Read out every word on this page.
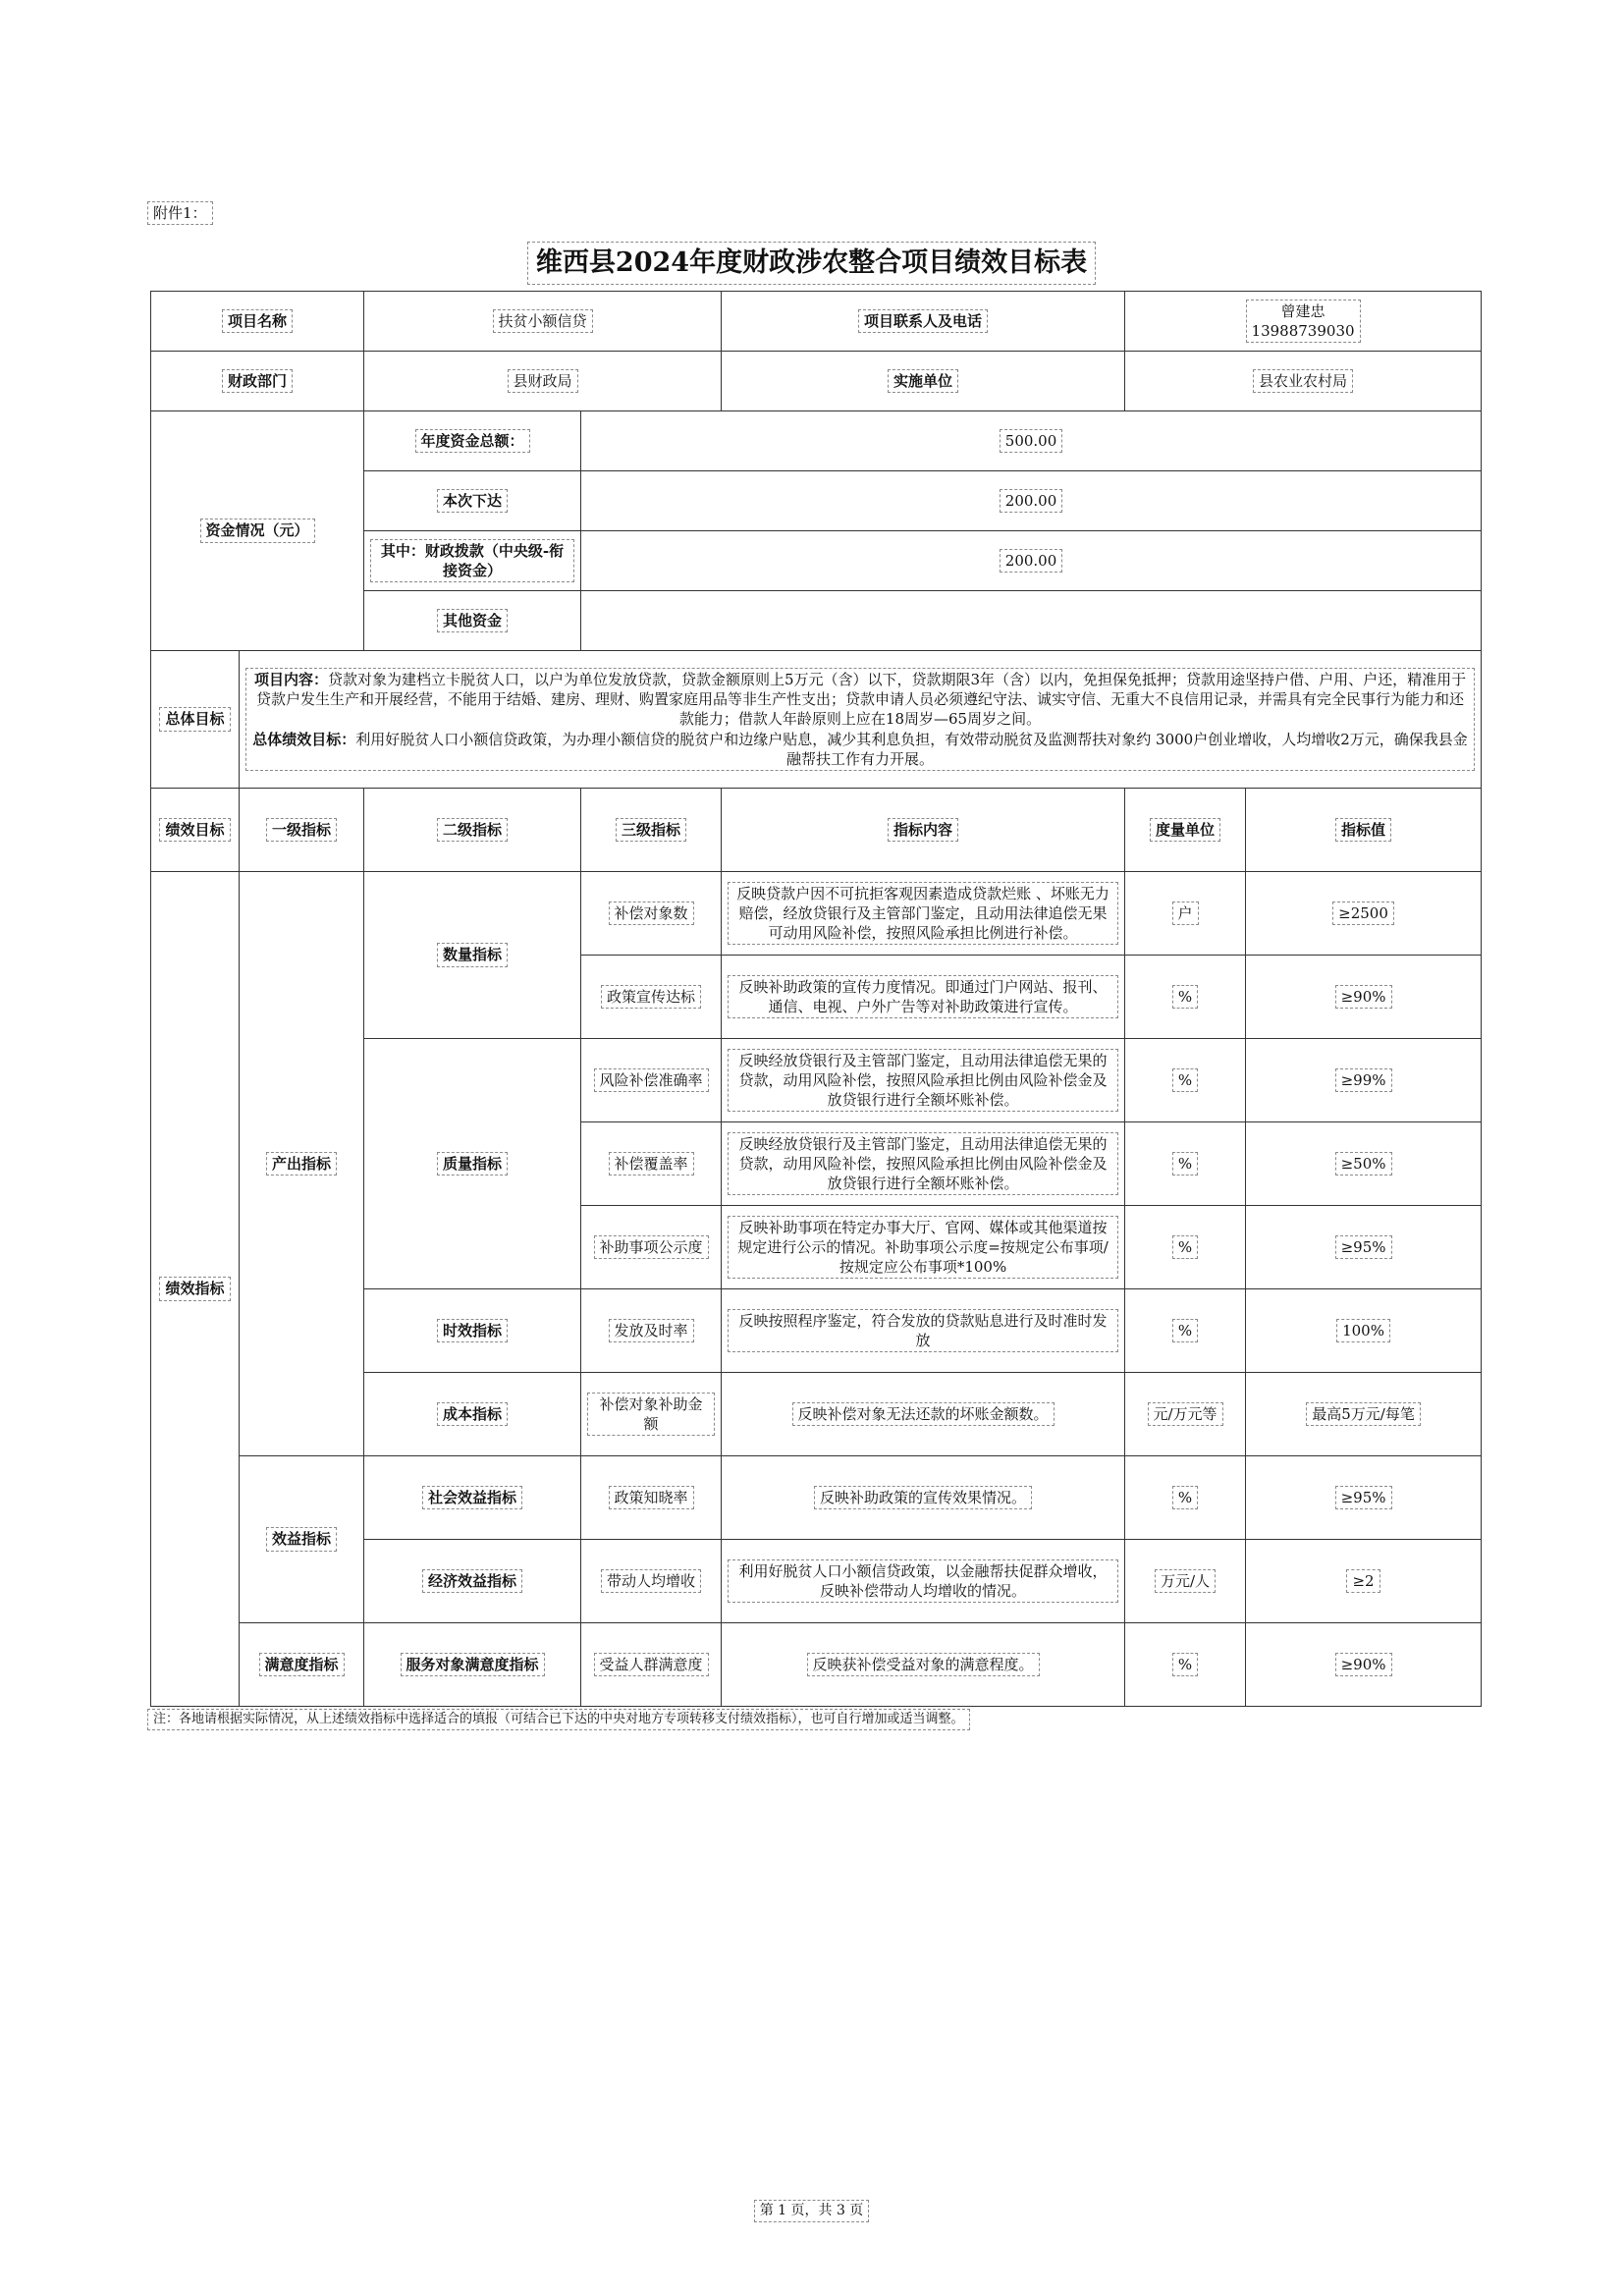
附件1：
维西县2024年度财政涉农整合项目绩效目标表
项目名称		扶贫小额信贷		项目联系人及电话	曾建忠
13988739030	
财政部门		县财政局		实施单位	县农业农村局	
资金情况（元）		年度资金总额：	500.00			
		本次下达	200.00			
		其中：财政拨款（中央级-衔接资金）	200.00			
		其他资金				
总体目标	项目内容：贷款对象为建档立卡脱贫人口，以户为单位发放贷款，贷款金额原则上5万元（含）以下，贷款期限3年（含）以内，免担保免抵押；贷款用途坚持户借、户用、户还，精准用于贷款户发生生产和开展经营，不能用于结婚、建房、理财、购置家庭用品等非生产性支出；贷款申请人员必须遵纪守法、诚实守信、无重大不良信用记录，并需具有完全民事行为能力和还款能力；借款人年龄原则上应在18周岁—65周岁之间。
总体绩效目标：利用好脱贫人口小额信贷政策，为办理小额信贷的脱贫户和边缘户贴息，减少其利息负担，有效带动脱贫及监测帮扶对象约 3000户创业增收，人均增收2万元，确保我县金融帮扶工作有力开展。					

绩效目标	一级指标	二级指标	三级指标	指标内容	度量单位	指标值
绩效指标	产出指标	数量指标	补偿对象数	反映贷款户因不可抗拒客观因素造成贷款烂账 、坏账无力赔偿，经放贷银行及主管部门鉴定，且动用法律追偿无果可动用风险补偿，按照风险承担比例进行补偿。	户	≥2500
			政策宣传达标	反映补助政策的宣传力度情况。即通过门户网站、报刊、通信、电视、户外广告等对补助政策进行宣传。	%	≥90%
		质量指标	风险补偿准确率	反映经放贷银行及主管部门鉴定，且动用法律追偿无果的贷款，动用风险补偿，按照风险承担比例由风险补偿金及放贷银行进行全额坏账补偿。	%	≥99%
			补偿覆盖率	反映经放贷银行及主管部门鉴定，且动用法律追偿无果的贷款，动用风险补偿，按照风险承担比例由风险补偿金及放贷银行进行全额坏账补偿。	%	≥50%
			补助事项公示度	反映补助事项在特定办事大厅、官网、媒体或其他渠道按规定进行公示的情况。补助事项公示度=按规定公布事项/按规定应公布事项*100%	%	≥95%
		时效指标	发放及时率	反映按照程序鉴定，符合发放的贷款贴息进行及时准时发放	%	100%
		成本指标	补偿对象补助金额	反映补偿对象无法还款的坏账金额数。	元/万元等	最高5万元/每笔
	效益指标	社会效益指标	政策知晓率	反映补助政策的宣传效果情况。	%	≥95%
		经济效益指标	带动人均增收	利用好脱贫人口小额信贷政策，以金融帮扶促群众增收，反映补偿带动人均增收的情况。	万元/人	≥2
	满意度指标	服务对象满意度指标	受益人群满意度	反映获补偿受益对象的满意程度。	%	≥90%
注：各地请根据实际情况，从上述绩效指标中选择适合的填报（可结合已下达的中央对地方专项转移支付绩效指标），也可自行增加或适当调整。
第 1 页，共 3 页
